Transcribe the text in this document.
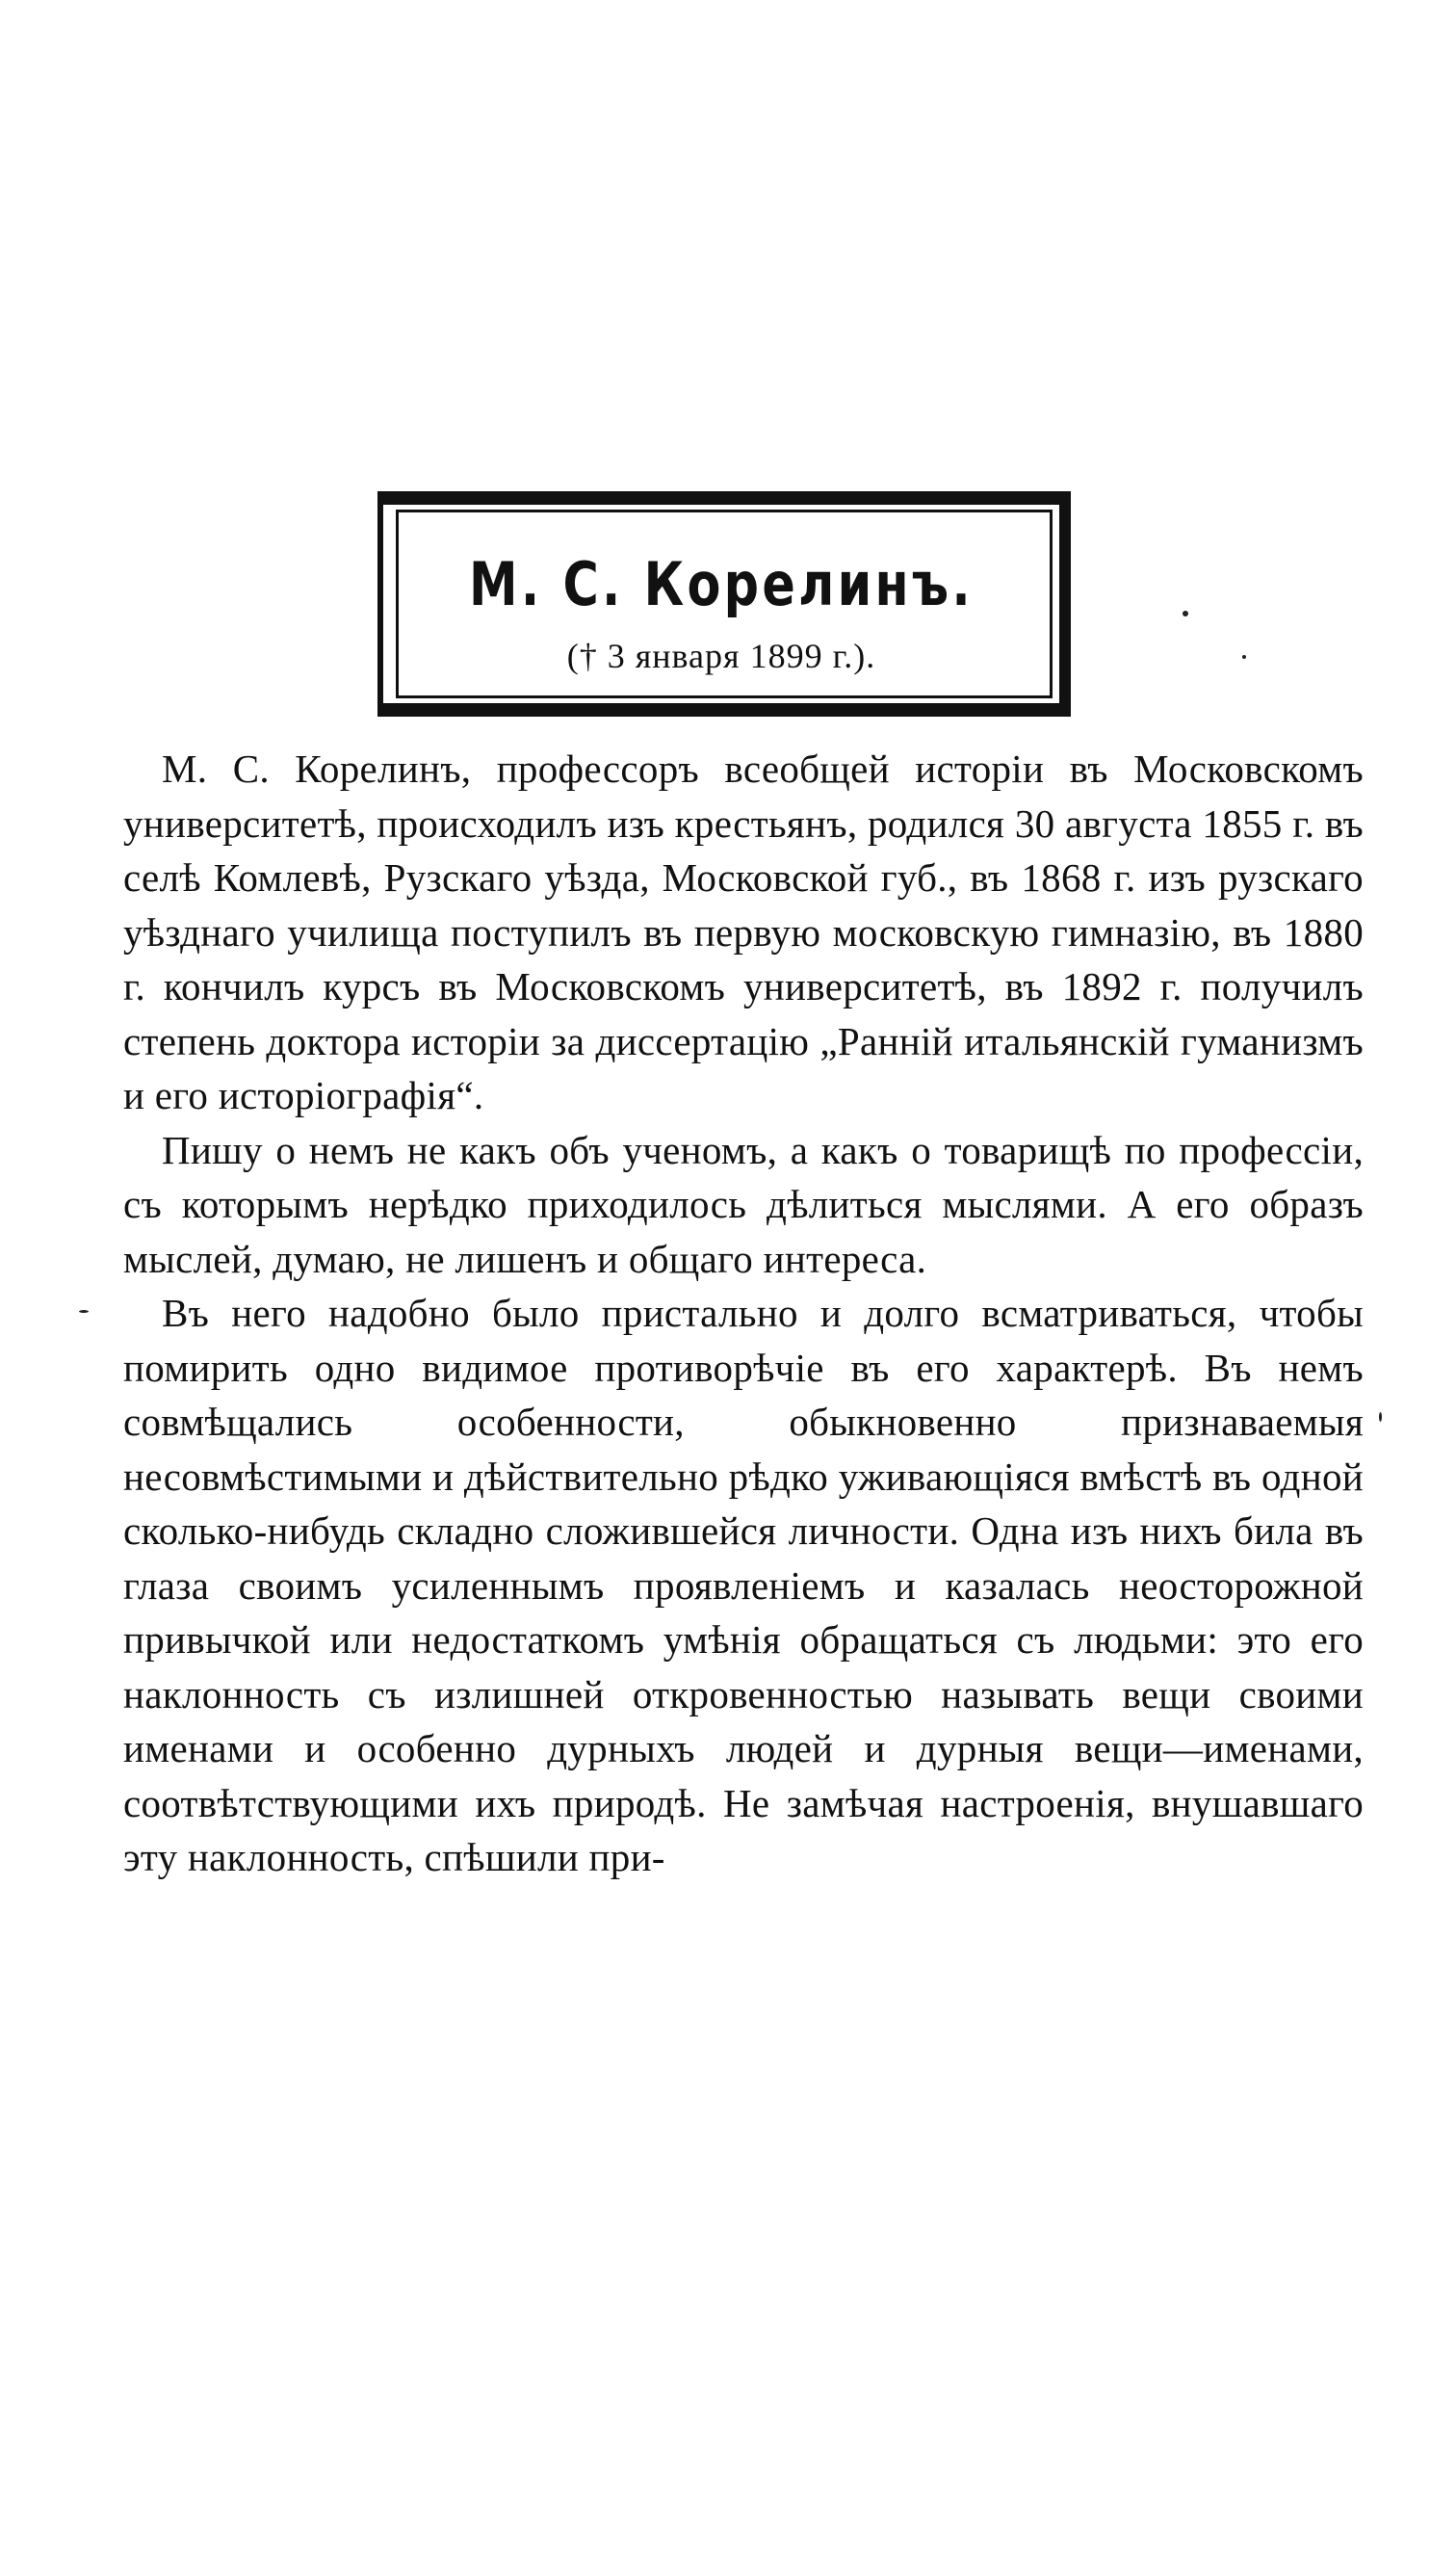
М. С. Корелинъ.
(† 3 января 1899 г.).

М. С. Корелинъ, профессоръ всеобщей исторіи въ Московскомъ университетѣ, происходилъ изъ крестьянъ, родился 30 августа 1855 г. въ селѣ Комлевѣ, Рузскаго уѣзда, Московской губ., въ 1868 г. изъ рузскаго уѣзднаго училища поступилъ въ первую московскую гимназію, въ 1880 г. кончилъ курсъ въ Московскомъ университетѣ, въ 1892 г. получилъ степень доктора исторіи за диссертацію „Ранній итальянскій гуманизмъ и его исторіографія“.

Пишу о немъ не какъ объ ученомъ, а какъ о товарищѣ по профессіи, съ которымъ нерѣдко приходилось дѣлиться мыслями. А его образъ мыслей, думаю, не лишенъ и общаго интереса.

Въ него надобно было пристально и долго всматриваться, чтобы помирить одно видимое противорѣчіе въ его характерѣ. Въ немъ совмѣщались особенности, обыкновенно признаваемыя несовмѣстимыми и дѣйствительно рѣдко уживающіяся вмѣстѣ въ одной сколько-нибудь складно сложившейся личности. Одна изъ нихъ била въ глаза своимъ усиленнымъ проявленіемъ и казалась неосторожной привычкой или недостаткомъ умѣнія обращаться съ людьми: это его наклонность съ излишней откровенностью называть вещи своими именами и особенно дурныхъ людей и дурныя вещи—именами, соотвѣтствующими ихъ природѣ. Не замѣчая настроенія, внушавшаго эту наклонность, спѣшили при-
